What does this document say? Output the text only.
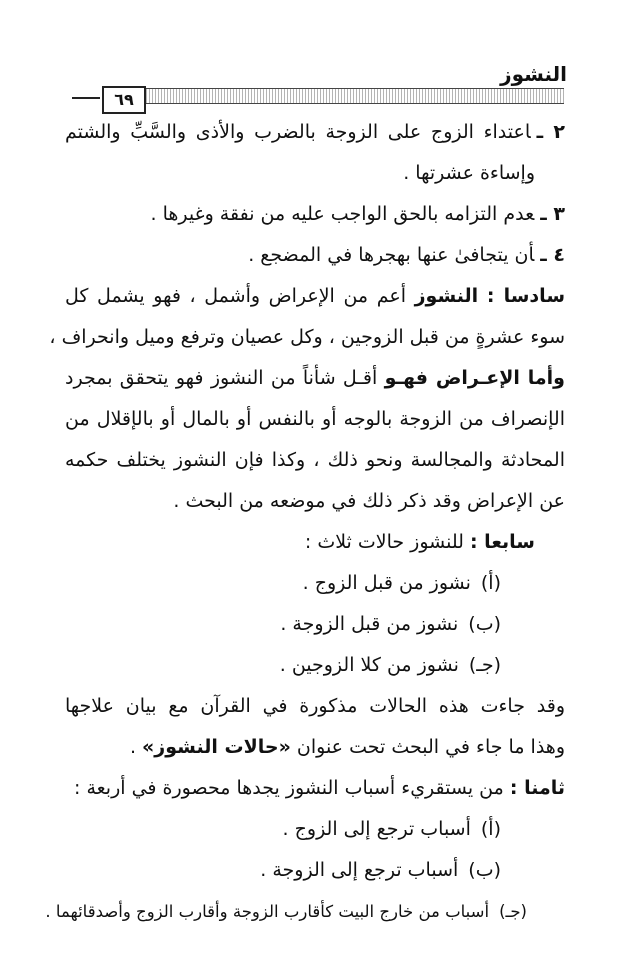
النشوز
٦٩
٢ ـاعتداء الزوج على الزوجة بالضرب والأذى والسَّبِّ والشتم
وإساءة عشرتها .
٣ ـعدم التزامه بالحق الواجب عليه من نفقة وغيرها .
٤ ـأن يتجافىٰ عنها بهجرها في المضجع .
سادسا : النشوز أعم من الإعراض وأشمل ، فهو يشمل كل
سوء عشرةٍ من قبل الزوجين ، وكل عصيان وترفع وميل وانحراف ،
وأما الإعـراض فهـو أقـل شأناً من النشوز فهو يتحقق بمجرد
الإنصراف من الزوجة بالوجه أو بالنفس أو بالمال أو بالإقلال من
المحادثة والمجالسة ونحو ذلك ، وكذا فإن النشوز يختلف حكمه
عن الإعراض وقد ذكر ذلك في موضعه من البحث .
سابعا : للنشوز حالات ثلاث :
(أ)نشوز من قبل الزوج .
(ب)نشوز من قبل الزوجة .
(جـ)نشوز من كلا الزوجين .
وقد جاءت هذه الحالات مذكورة في القرآن مع بيان علاجها
وهذا ما جاء في البحث تحت عنوان «حالات النشوز» .
ثامنا : من يستقريء أسباب النشوز يجدها محصورة في أربعة :
(أ)أسباب ترجع إلى الزوج .
(ب)أسباب ترجع إلى الزوجة .
(جـ)أسباب من خارج البيت كأقارب الزوجة وأقارب الزوج وأصدقائهما .
